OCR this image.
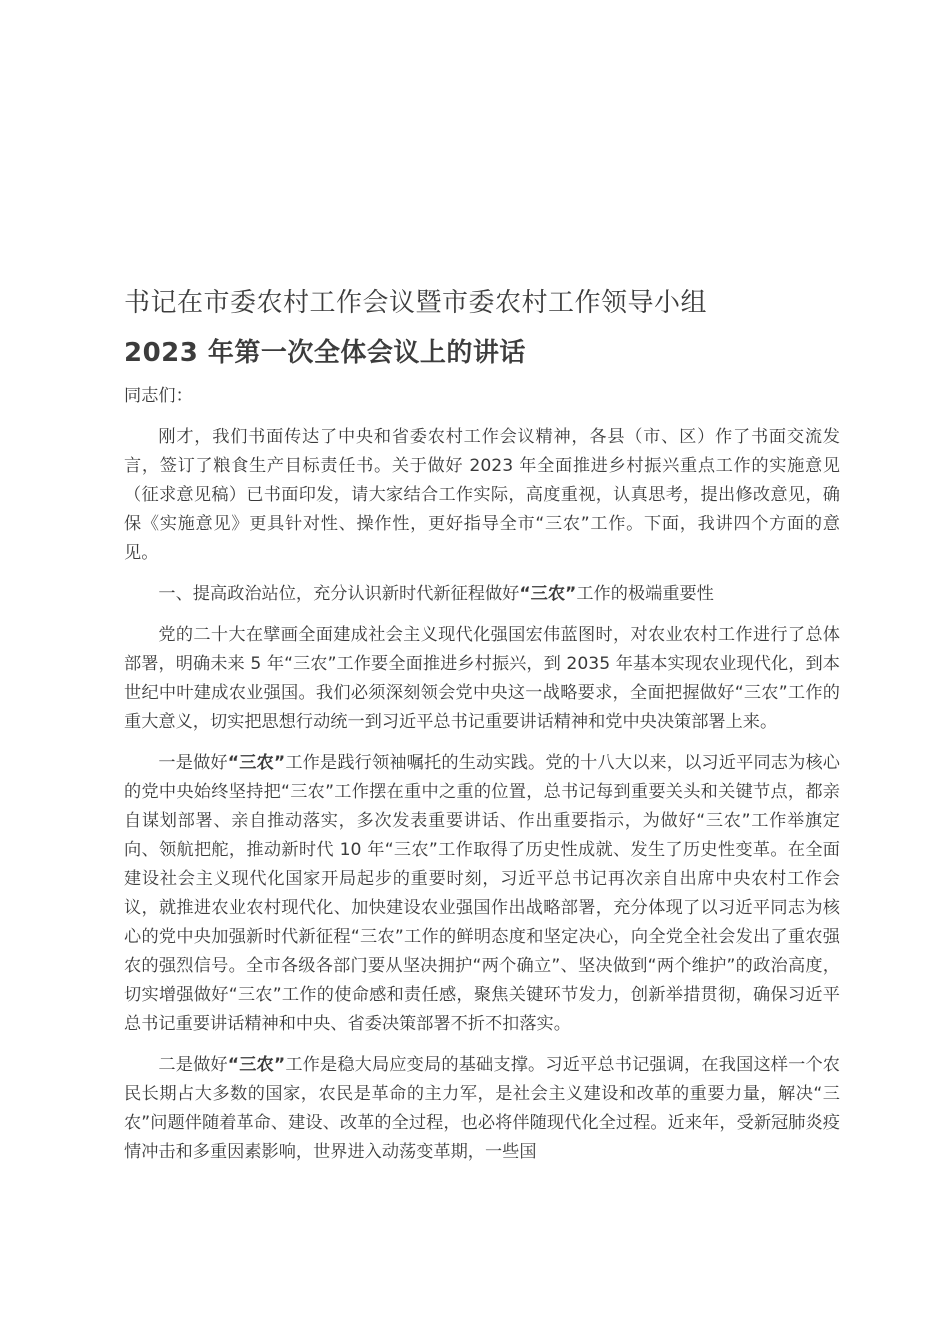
书记在市委农村工作会议暨市委农村工作领导小组
2023 年第一次全体会议上的讲话

同志们：

刚才，我们书面传达了中央和省委农村工作会议精神，各县（市、区）作了书面交流发言，签订了粮食生产目标责任书。关于做好 2023 年全面推进乡村振兴重点工作的实施意见（征求意见稿）已书面印发，请大家结合工作实际，高度重视，认真思考，提出修改意见，确保《实施意见》更具针对性、操作性，更好指导全市“三农”工作。下面，我讲四个方面的意见。

一、提高政治站位，充分认识新时代新征程做好“三农”工作的极端重要性

党的二十大在擘画全面建成社会主义现代化强国宏伟蓝图时，对农业农村工作进行了总体部署，明确未来 5 年“三农”工作要全面推进乡村振兴，到 2035 年基本实现农业现代化，到本世纪中叶建成农业强国。我们必须深刻领会党中央这一战略要求，全面把握做好“三农”工作的重大意义，切实把思想行动统一到习近平总书记重要讲话精神和党中央决策部署上来。

一是做好“三农”工作是践行领袖嘱托的生动实践。党的十八大以来，以习近平同志为核心的党中央始终坚持把“三农”工作摆在重中之重的位置，总书记每到重要关头和关键节点，都亲自谋划部署、亲自推动落实，多次发表重要讲话、作出重要指示，为做好“三农”工作举旗定向、领航把舵，推动新时代 10 年“三农”工作取得了历史性成就、发生了历史性变革。在全面建设社会主义现代化国家开局起步的重要时刻，习近平总书记再次亲自出席中央农村工作会议，就推进农业农村现代化、加快建设农业强国作出战略部署，充分体现了以习近平同志为核心的党中央加强新时代新征程“三农”工作的鲜明态度和坚定决心，向全党全社会发出了重农强农的强烈信号。全市各级各部门要从坚决拥护“两个确立”、坚决做到“两个维护”的政治高度，切实增强做好“三农”工作的使命感和责任感，聚焦关键环节发力，创新举措贯彻，确保习近平总书记重要讲话精神和中央、省委决策部署不折不扣落实。

二是做好“三农”工作是稳大局应变局的基础支撑。习近平总书记强调，在我国这样一个农民长期占大多数的国家，农民是革命的主力军，是社会主义建设和改革的重要力量，解决“三农”问题伴随着革命、建设、改革的全过程，也必将伴随现代化全过程。近来年，受新冠肺炎疫情冲击和多重因素影响，世界进入动荡变革期，一些国
